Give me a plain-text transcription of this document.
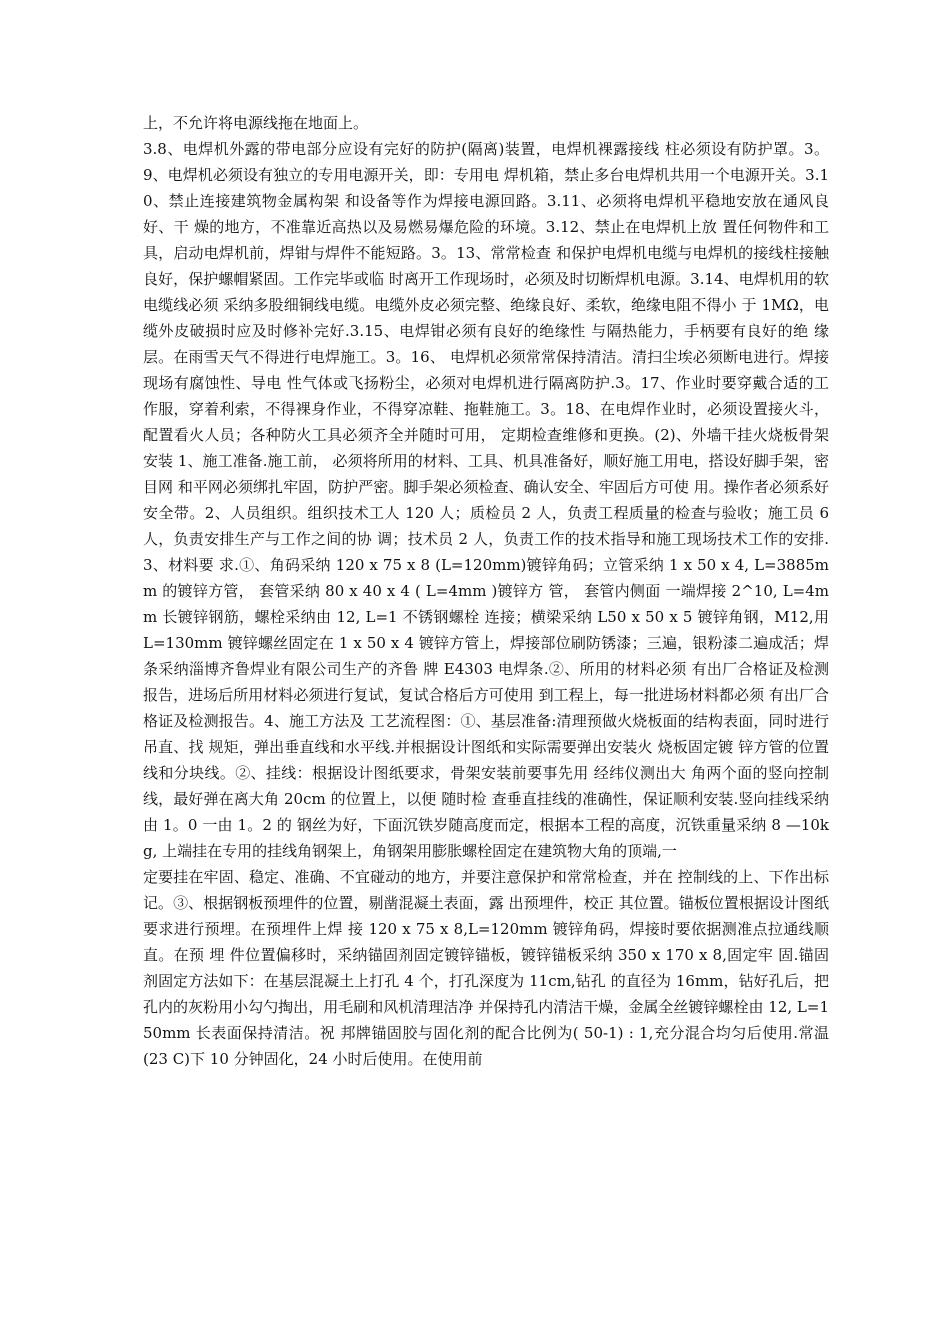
上，不允许将电源线拖在地面上。

3.8、电焊机外露的带电部分应设有完好的防护(隔离)装置，电焊机裸露接线 柱必须设有防护罩。3。9、电焊机必须设有独立的专用电源开关，即：专用电 焊机箱，禁止多台电焊机共用一个电源开关。3.10、禁止连接建筑物金属构架 和设备等作为焊接电源回路。3.11、必须将电焊机平稳地安放在通风良好、干 燥的地方，不准靠近高热以及易燃易爆危险的环境。3.12、禁止在电焊机上放 置任何物件和工具，启动电焊机前，焊钳与焊件不能短路。3。13、常常检查 和保护电焊机电缆与电焊机的接线柱接触良好，保护螺帽紧固。工作完毕或临 时离开工作现场时，必须及时切断焊机电源。3.14、电焊机用的软电缆线必须 采纳多股细铜线电缆。电缆外皮必须完整、绝缘良好、柔软，绝缘电阻不得小 于 1MΩ，电缆外皮破损时应及时修补完好.3.15、电焊钳必须有良好的绝缘性 与隔热能力，手柄要有良好的绝 缘层。在雨雪天气不得进行电焊施工。3。16、 电焊机必须常常保持清洁。清扫尘埃必须断电进行。焊接现场有腐蚀性、导电 性气体或飞扬粉尘，必须对电焊机进行隔离防护.3。17、作业时要穿戴合适的工 作服，穿着利索，不得裸身作业，不得穿凉鞋、拖鞋施工。3。18、在电焊作业时，必须设置接火斗，配置看火人员；各种防火工具必须齐全并随时可用， 定期检查维修和更换。(2)、外墙干挂火烧板骨架安装 1、施工准备.施工前， 必须将所用的材料、工具、机具准备好，顺好施工用电，搭设好脚手架，密目网 和平网必须绑扎牢固，防护严密。脚手架必须检查、确认安全、牢固后方可使 用。操作者必须系好安全带。2、人员组织。组织技术工人 120 人；质检员 2 人，负责工程质量的检查与验收；施工员 6 人，负责安排生产与工作之间的协 调；技术员 2 人，负责工作的技术指导和施工现场技术工作的安排.3、材料要 求.①、角码采纳 120 x 75 x 8 (L=120mm)镀锌角码；立管采纳 1 x 50 x 4, L=3885mm 的镀锌方管， 套管采纳 80 x 40 x 4 ( L=4mm )镀锌方 管， 套管内侧面 一端焊接 2^10, L=4mm 长镀锌钢筋，螺栓采纳由 12, L=1 不锈钢螺栓 连接；横梁采纳 L50 x 50 x 5 镀锌角钢，M12,用 L=130mm 镀锌螺丝固定在 1 x 50 x 4 镀锌方管上，焊接部位刷防锈漆；三遍，银粉漆二遍成活；焊条采纳淄博齐鲁焊业有限公司生产的齐鲁 牌 E4303 电焊条.②、所用的材料必须 有出厂合格证及检测报告，进场后所用材料必须进行复试，复试合格后方可使用 到工程上，每一批进场材料都必须 有出厂合格证及检测报告。4、施工方法及 工艺流程图：①、基层准备:清理预做火烧板面的结构表面，同时进行吊直、找 规矩，弹出垂直线和水平线.并根据设计图纸和实际需要弹出安装火 烧板固定镀 锌方管的位置线和分块线。②、挂线：根据设计图纸要求，骨架安装前要事先用 经纬仪测出大 角两个面的竖向控制线，最好弹在离大角 20cm 的位置上，以便 随时检 查垂直挂线的准确性，保证顺利安装.竖向挂线采纳由 1。0 一由 1。2 的 钢丝为好，下面沉铁岁随高度而定，根据本工程的高度，沉铁重量采纳 8 —10kg, 上端挂在专用的挂线角钢架上，角钢架用膨胀螺栓固定在建筑物大角的顶端,一

定要挂在牢固、稳定、准确、不宜碰动的地方，并要注意保护和常常检查，并在 控制线的上、下作出标记。③、根据钢板预埋件的位置，剔凿混凝土表面，露 出预埋件，校正 其位置。锚板位置根据设计图纸要求进行预埋。在预埋件上焊 接 120 x 75 x 8,L=120mm 镀锌角码，焊接时要依据测准点拉通线顺直。在预 埋 件位置偏移时，采纳锚固剂固定镀锌锚板，镀锌锚板采纳 350 x 170 x 8,固定牢 固.锚固剂固定方法如下：在基层混凝土上打孔 4 个，打孔深度为 11cm,钻孔 的直径为 16mm，钻好孔后，把孔内的灰粉用小勾勺掏出，用毛刷和风机清理洁净 并保持孔内清洁干燥，金属全丝镀锌螺栓由 12, L=150mm 长表面保持清洁。祝 邦牌锚固胶与固化剂的配合比例为( 50-1) : 1,充分混合均匀后使用.常温 (23 C)下 10 分钟固化，24 小时后使用。在使用前
